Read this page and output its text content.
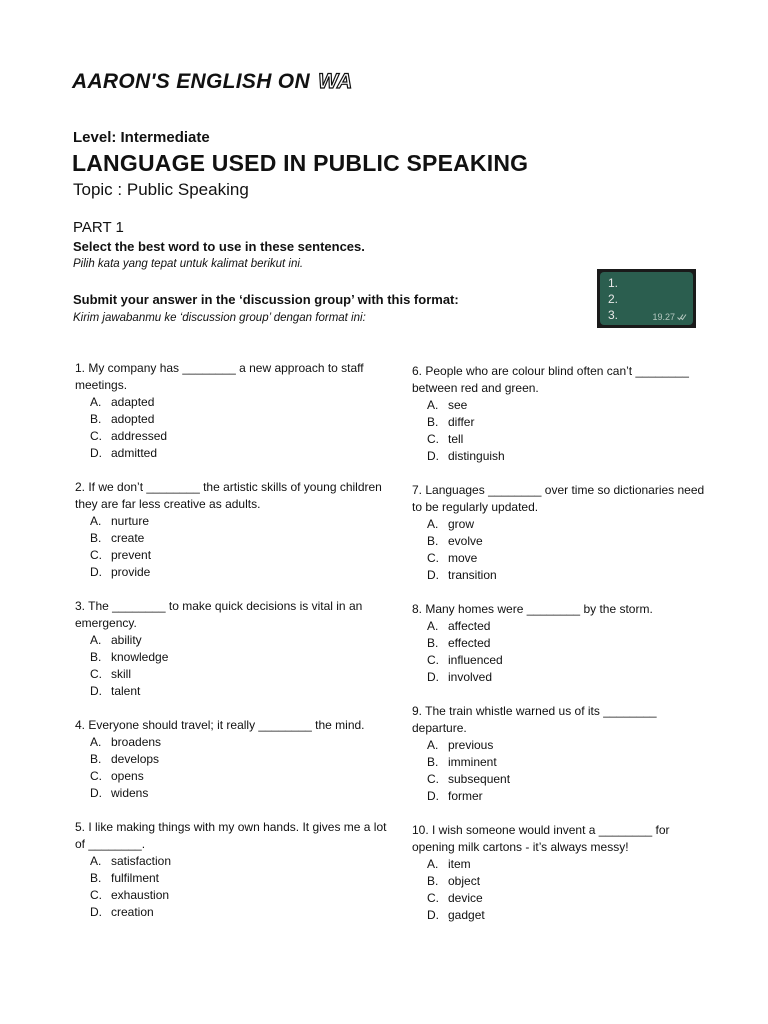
AARON'S ENGLISH ON WA
Level: Intermediate
LANGUAGE USED IN PUBLIC SPEAKING
Topic : Public Speaking
PART 1
Select the best word to use in these sentences.
Pilih kata yang tepat untuk kalimat berikut ini.
Submit your answer in the ‘discussion group’ with this format:
Kirim jawabanmu ke ‘discussion group’ dengan format ini:
1.
2.
3.	19.27

1. My company has ________ a new approach to staff meetings.

A. adapted
B. adopted
C. addressed
D. admitted

2. If we don’t ________ the artistic skills of young children they are far less creative as adults.

A. nurture
B. create
C. prevent
D. provide

3. The ________ to make quick decisions is vital in an emergency.

A. ability
B. knowledge
C. skill
D. talent

4. Everyone should travel; it really ________ the mind.

A. broadens
B. develops
C. opens
D. widens

5. I like making things with my own hands. It gives me a lot of ________.

A. satisfaction
B. fulfilment
C. exhaustion
D. creation

6. People who are colour blind often can’t ________ between red and green.

A. see
B. differ
C. tell
D. distinguish

7. Languages ________ over time so dictionaries need to be regularly updated.

A. grow
B. evolve
C. move
D. transition

8. Many homes were ________ by the storm.

A. affected
B. effected
C. influenced
D. involved

9. The train whistle warned us of its ________ departure.

A. previous
B. imminent
C. subsequent
D. former

10. I wish someone would invent a ________ for opening milk cartons - it’s always messy!

A. item
B. object
C. device
D. gadget
